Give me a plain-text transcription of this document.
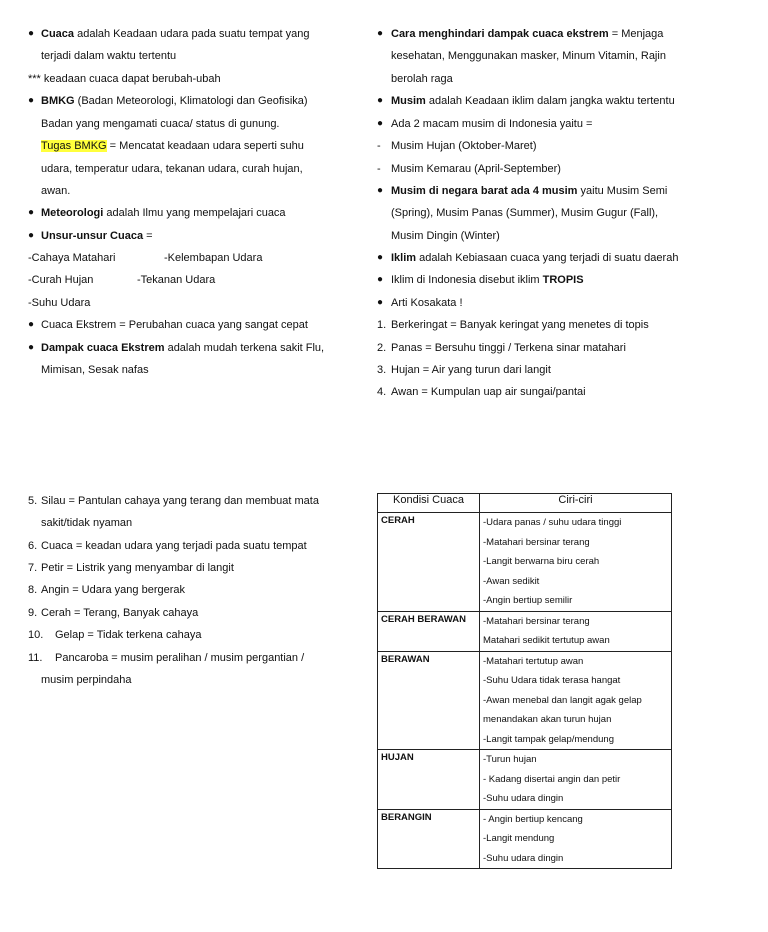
● Cuaca adalah Keadaan udara pada suatu tempat yang
terjadi dalam waktu tertentu
*** keadaan cuaca dapat berubah-ubah
● BMKG (Badan Meteorologi, Klimatologi dan Geofisika)
Badan yang mengamati cuaca/ status di gunung.
Tugas BMKG = Mencatat keadaan udara seperti suhu
udara, temperatur udara, tekanan udara, curah hujan,
awan.
● Meteorologi adalah Ilmu yang mempelajari cuaca
● Unsur-unsur Cuaca =
-Cahaya Matahari	-Kelembapan Udara
-Curah Hujan	-Tekanan Udara
-Suhu Udara
● Cuaca Ekstrem = Perubahan cuaca yang sangat cepat
● Dampak cuaca Ekstrem adalah mudah terkena sakit Flu,
Mimisan, Sesak nafas
● Cara menghindari dampak cuaca ekstrem = Menjaga
kesehatan, Menggunakan masker, Minum Vitamin, Rajin
berolah raga
● Musim adalah Keadaan iklim dalam jangka waktu tertentu
● Ada 2 macam musim di Indonesia yaitu =
- Musim Hujan (Oktober-Maret)
- Musim Kemarau (April-September)
● Musim di negara barat ada 4 musim yaitu Musim Semi
(Spring), Musim Panas (Summer), Musim Gugur (Fall),
Musim Dingin (Winter)
● Iklim adalah Kebiasaan cuaca yang terjadi di suatu daerah
● Iklim di Indonesia disebut iklim TROPIS
● Arti Kosakata !
1. Berkeringat = Banyak keringat yang menetes di topis
2. Panas = Bersuhu tinggi / Terkena sinar matahari
3. Hujan = Air yang turun dari langit
4. Awan = Kumpulan uap air sungai/pantai
5. Silau = Pantulan cahaya yang terang dan membuat mata
sakit/tidak nyaman
6. Cuaca = keadan udara yang terjadi pada suatu tempat
7. Petir = Listrik yang menyambar di langit
8. Angin = Udara yang bergerak
9. Cerah = Terang, Banyak cahaya
10. Gelap = Tidak terkena cahaya
11. Pancaroba = musim peralihan / musim pergantian /
musim perpindaha
Kondisi Cuaca	Ciri-ciri
CERAH	-Udara panas / suhu udara tinggi
-Matahari bersinar terang
-Langit berwarna biru cerah
-Awan sedikit
-Angin bertiup semilir

CERAH BERAWAN	-Matahari bersinar terang
Matahari sedikit tertutup awan

BERAWAN	-Matahari tertutup awan
-Suhu Udara tidak terasa hangat
-Awan menebal dan langit agak gelap
menandakan akan turun hujan
-Langit tampak gelap/mendung

HUJAN	-Turun hujan
- Kadang disertai angin dan petir
-Suhu udara dingin

BERANGIN	- Angin bertiup kencang
-Langit mendung
-Suhu udara dingin
